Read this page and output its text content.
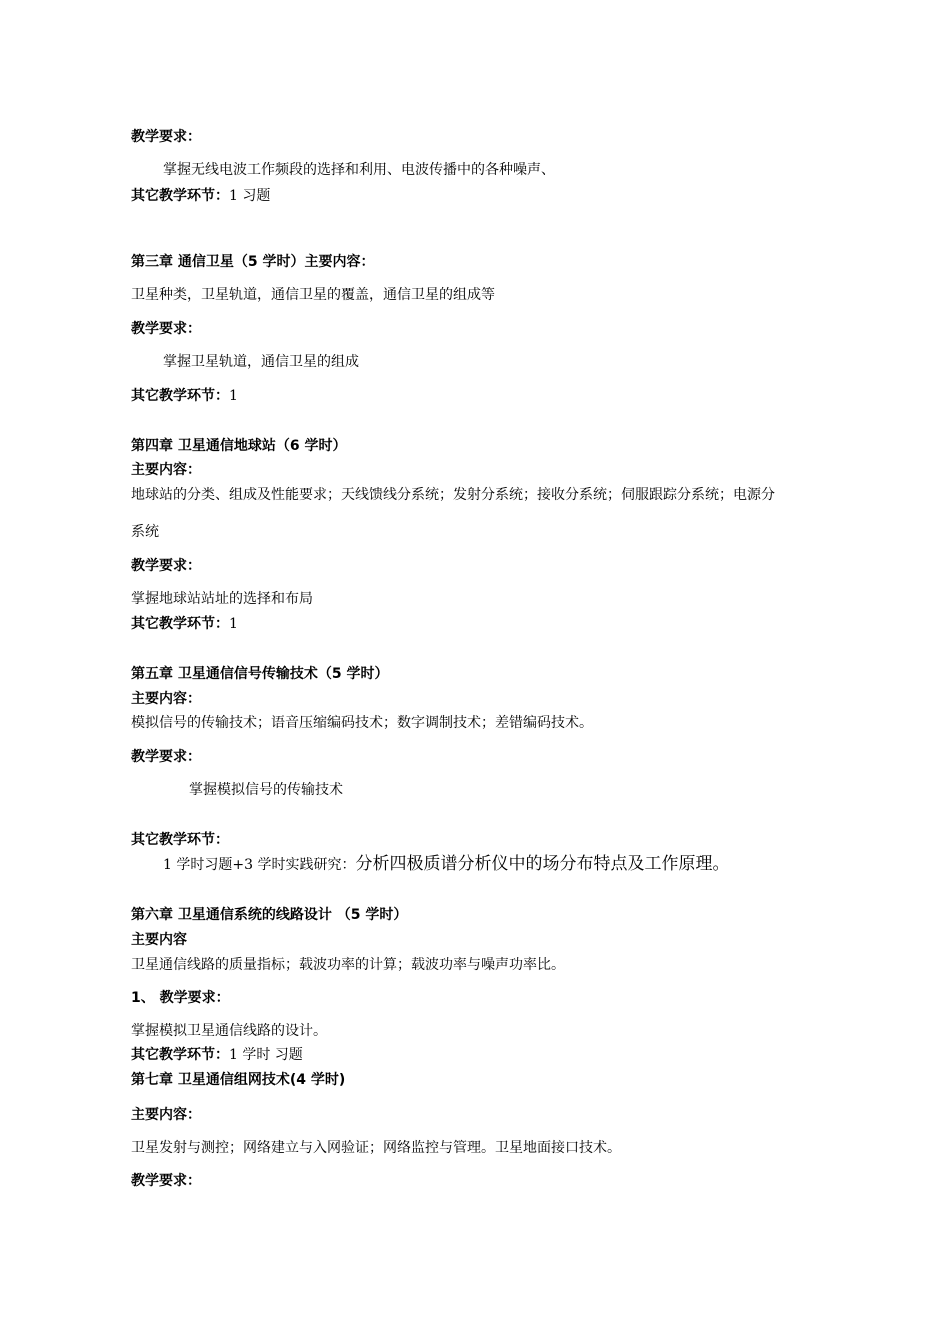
教学要求：
掌握无线电波工作频段的选择和利用、电波传播中的各种噪声、
其它教学环节：1 习题
第三章 通信卫星（5 学时）主要内容：
卫星种类，卫星轨道，通信卫星的覆盖，通信卫星的组成等
教学要求：
掌握卫星轨道，通信卫星的组成
其它教学环节：1
第四章 卫星通信地球站（6 学时）
主要内容：
地球站的分类、组成及性能要求；天线馈线分系统；发射分系统；接收分系统；伺服跟踪分系统；电源分
系统
教学要求：
掌握地球站站址的选择和布局
其它教学环节：1
第五章 卫星通信信号传输技术（5 学时）
主要内容：
模拟信号的传输技术；语音压缩编码技术；数字调制技术；差错编码技术。
教学要求：
掌握模拟信号的传输技术
其它教学环节：
1 学时习题+3 学时实践研究：分析四极质谱分析仪中的场分布特点及工作原理。
第六章 卫星通信系统的线路设计 （5 学时）
主要内容
卫星通信线路的质量指标；载波功率的计算；载波功率与噪声功率比。
1、 教学要求：
掌握模拟卫星通信线路的设计。
其它教学环节：1 学时 习题
第七章 卫星通信组网技术(4 学时)
主要内容：
卫星发射与测控；网络建立与入网验证；网络监控与管理。卫星地面接口技术。
教学要求：
